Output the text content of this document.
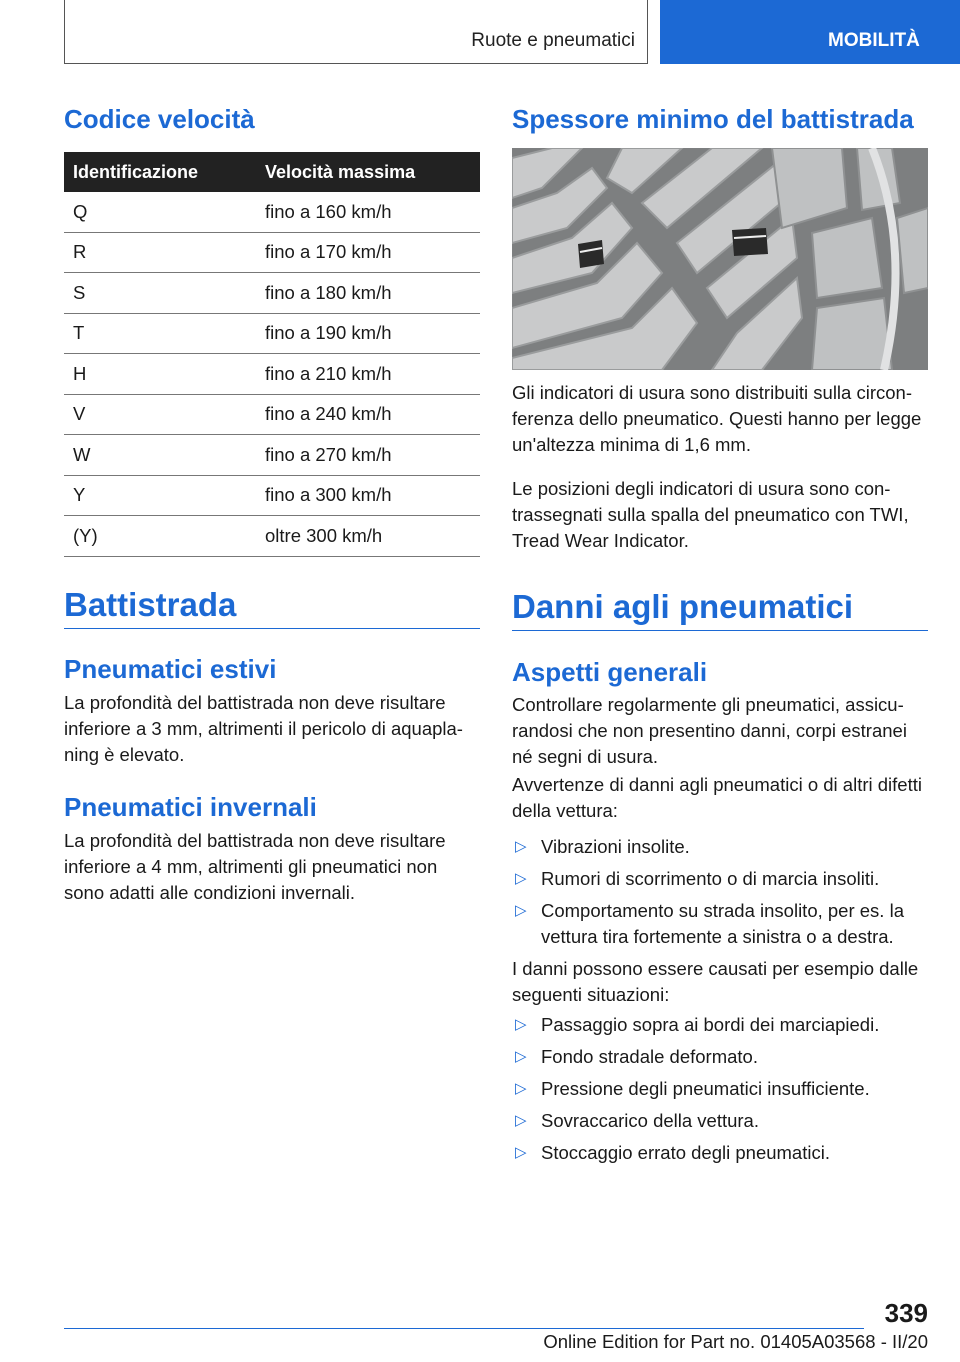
Ruote e pneumatici	MOBILITÀ
Codice velocità
Identificazione	Velocità massima
Q	fino a 160 km/h
R	fino a 170 km/h
S	fino a 180 km/h
T	fino a 190 km/h
H	fino a 210 km/h
V	fino a 240 km/h
W	fino a 270 km/h
Y	fino a 300 km/h
(Y)	oltre 300 km/h
Battistrada
Pneumatici estivi

La profondità del battistrada non deve risultare inferiore a 3 mm, altrimenti il pericolo di aquaplaning è elevato.

Pneumatici invernali

La profondità del battistrada non deve risultare inferiore a 4 mm, altrimenti gli pneumatici non sono adatti alle condizioni invernali.

Spessore minimo del battistrada

Gli indicatori di usura sono distribuiti sulla circonferenza dello pneumatico. Questi hanno per legge un'altezza minima di 1,6 mm.

Le posizioni degli indicatori di usura sono contrassegnati sulla spalla del pneumatico con TWI, Tread Wear Indicator.

Danni agli pneumatici
Aspetti generali

Controllare regolarmente gli pneumatici, assicurandosi che non presentino danni, corpi estranei né segni di usura.

Avvertenze di danni agli pneumatici o di altri difetti della vettura:

▷ Vibrazioni insolite.
▷ Rumori di scorrimento o di marcia insoliti.
▷ Comportamento su strada insolito, per es. la vettura tira fortemente a sinistra o a destra.

I danni possono essere causati per esempio dalle seguenti situazioni:

▷ Passaggio sopra ai bordi dei marciapiedi.
▷ Fondo stradale deformato.
▷ Pressione degli pneumatici insufficiente.
▷ Sovraccarico della vettura.
▷ Stoccaggio errato degli pneumatici.
339
Online Edition for Part no. 01405A03568 - II/20
